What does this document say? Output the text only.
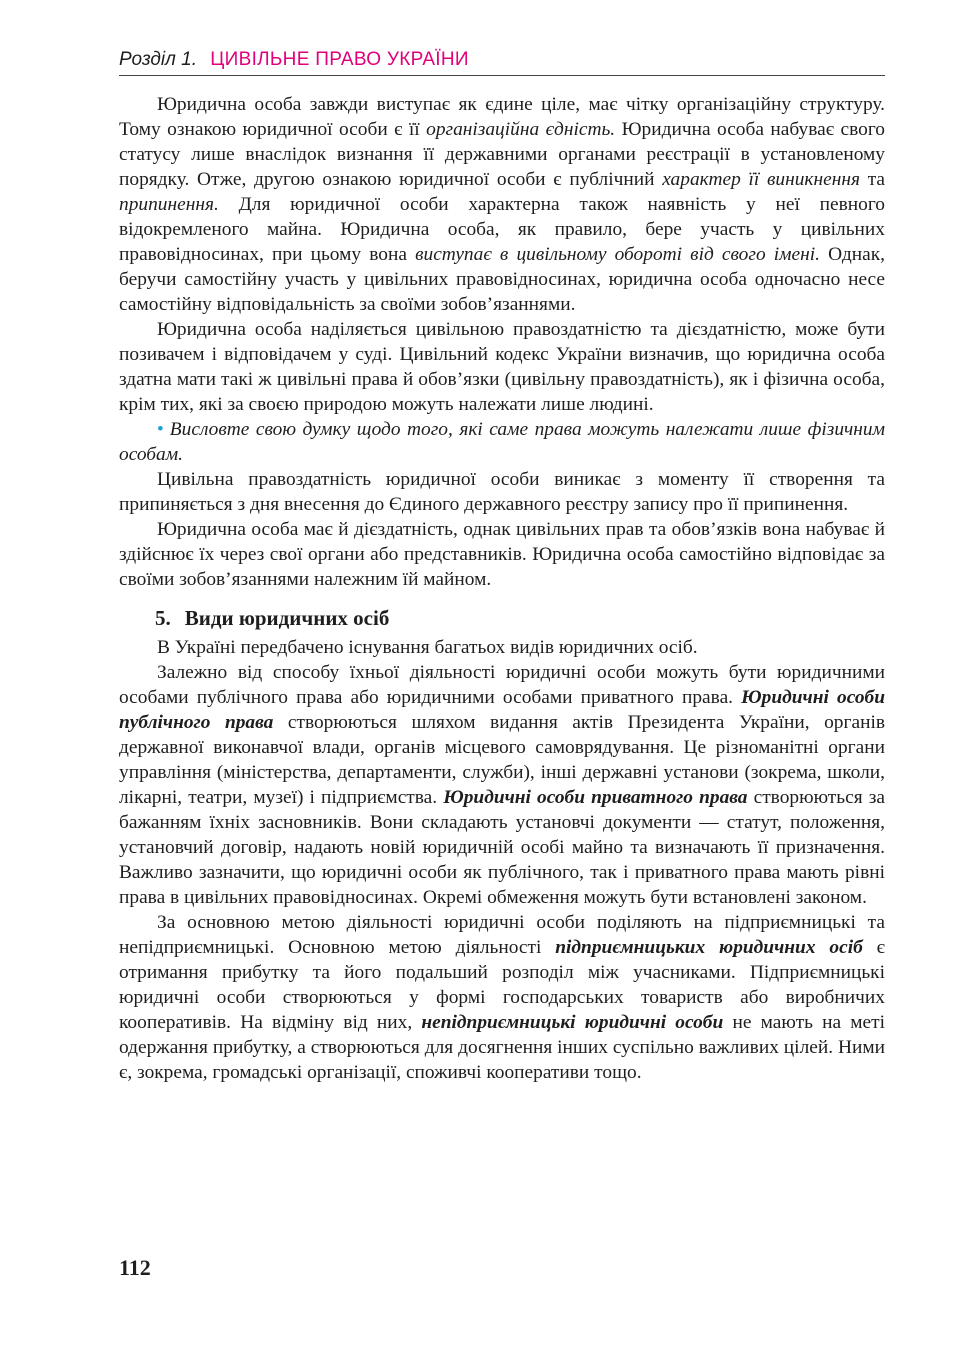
Розділ 1. ЦИВІЛЬНЕ ПРАВО УКРАЇНИ

Юридична особа завжди виступає як єдине ціле, має чітку організаційну структуру. Тому ознакою юридичної особи є її організаційна єдність. Юридична особа набуває свого статусу лише внаслідок визнання її державними органами реєстрації в установленому порядку. Отже, другою ознакою юридичної особи є публічний характер її виникнення та припинення. Для юридичної особи характерна також наявність у неї певного відокремленого майна. Юридична особа, як правило, бере участь у цивільних правовідносинах, при цьому вона виступає в цивільному обороті від свого імені. Однак, беручи самостійну участь у цивільних правовідносинах, юридична особа одночасно несе самостійну відповідальність за своїми зобов’язаннями.

Юридична особа наділяється цивільною правоздатністю та дієздатністю, може бути позивачем і відповідачем у суді. Цивільний кодекс України визначив, що юридична особа здатна мати такі ж цивільні права й обов’язки (цивільну правоздатність), як і фізична особа, крім тих, які за своєю природою можуть належати лише людині.

• Висловте свою думку щодо того, які саме права можуть належати лише фізичним особам.

Цивільна правоздатність юридичної особи виникає з моменту її створення та припиняється з дня внесення до Єдиного державного реєстру запису про її припинення.

Юридична особа має й дієздатність, однак цивільних прав та обов’язків вона набуває й здійснює їх через свої органи або представників. Юридична особа самостійно відповідає за своїми зобов’язаннями належним їй майном.

5. Види юридичних осіб

В Україні передбачено існування багатьох видів юридичних осіб.

Залежно від способу їхньої діяльності юридичні особи можуть бути юридичними особами публічного права або юридичними особами приватного права. Юридичні особи публічного права створюються шляхом видання актів Президента України, органів державної виконавчої влади, органів місцевого самоврядування. Це різноманітні органи управління (міністерства, департаменти, служби), інші державні установи (зокрема, школи, лікарні, театри, музеї) і підприємства. Юридичні особи приватного права створюються за бажанням їхніх засновників. Вони складають установчі документи — статут, положення, установчий договір, надають новій юридичній особі майно та визначають її призначення. Важливо зазначити, що юридичні особи як публічного, так і приватного права мають рівні права в цивільних правовідносинах. Окремі обмеження можуть бути встановлені законом.

За основною метою діяльності юридичні особи поділяють на підприємницькі та непідприємницькі. Основною метою діяльності підприємницьких юридичних осіб є отримання прибутку та його подальший розподіл між учасниками. Підприємницькі юридичні особи створюються у формі господарських товариств або виробничих кооперативів. На відміну від них, непідприємницькі юридичні особи не мають на меті одержання прибутку, а створюються для досягнення інших суспільно важливих цілей. Ними є, зокрема, громадські організації, споживчі кооперативи тощо.

112
